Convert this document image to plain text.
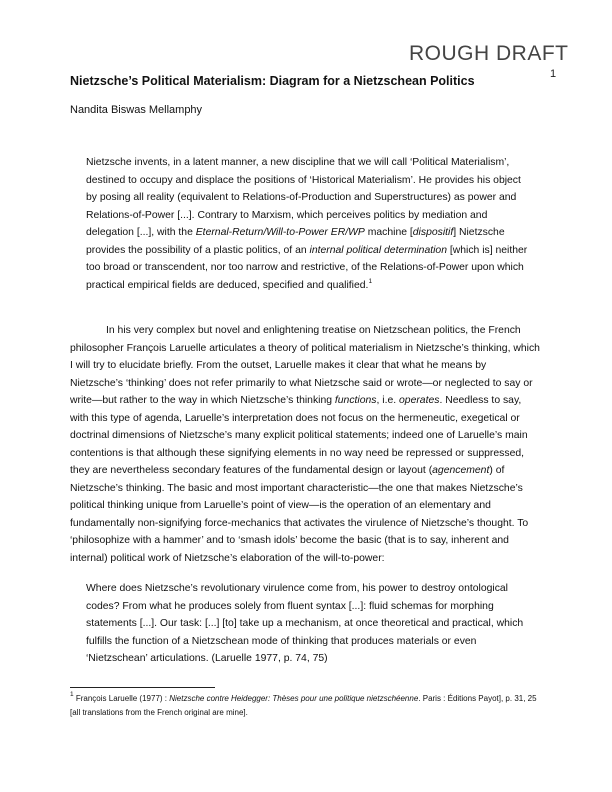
ROUGH DRAFT
1
Nietzsche’s Political Materialism: Diagram for a Nietzschean Politics
Nandita Biswas Mellamphy
Nietzsche invents, in a latent manner, a new discipline that we will call ‘Political Materialism’, destined to occupy and displace the positions of ‘Historical Materialism’. He provides his object by posing all reality (equivalent to Relations-of-Production and Superstructures) as power and Relations-of-Power [...]. Contrary to Marxism, which perceives politics by mediation and delegation [...], with the Eternal-Return/Will-to-Power ER/WP machine [dispositif] Nietzsche provides the possibility of a plastic politics, of an internal political determination [which is] neither too broad or transcendent, nor too narrow and restrictive, of the Relations-of-Power upon which practical empirical fields are deduced, specified and qualified.$^1$
In his very complex but novel and enlightening treatise on Nietzschean politics, the French philosopher François Laruelle articulates a theory of political materialism in Nietzsche’s thinking, which I will try to elucidate briefly. From the outset, Laruelle makes it clear that what he means by Nietzsche’s ‘thinking’ does not refer primarily to what Nietzsche said or wrote—or neglected to say or write—but rather to the way in which Nietzsche’s thinking functions, i.e. operates. Needless to say, with this type of agenda, Laruelle’s interpretation does not focus on the hermeneutic, exegetical or doctrinal dimensions of Nietzsche’s many explicit political statements; indeed one of Laruelle’s main contentions is that although these signifying elements in no way need be repressed or suppressed, they are nevertheless secondary features of the fundamental design or layout (agencement) of Nietzsche’s thinking. The basic and most important characteristic—the one that makes Nietzsche’s political thinking unique from Laruelle’s point of view—is the operation of an elementary and fundamentally non-signifying force-mechanics that activates the virulence of Nietzsche’s thought. To ‘philosophize with a hammer’ and to ‘smash idols’ become the basic (that is to say, inherent and internal) political work of Nietzsche’s elaboration of the will-to-power:
Where does Nietzsche’s revolutionary virulence come from, his power to destroy ontological codes? From what he produces solely from fluent syntax [...]: fluid schemas for morphing statements [...]. Our task: [...] [to] take up a mechanism, at once theoretical and practical, which fulfills the function of a Nietzschean mode of thinking that produces materials or even ‘Nietzschean’ articulations. (Laruelle 1977, p. 74, 75)
$^1$ François Laruelle (1977) : Nietzsche contre Heidegger: Thèses pour une politique nietzschéenne. Paris : Éditions Payot], p. 31, 25 [all translations from the French original are mine].
